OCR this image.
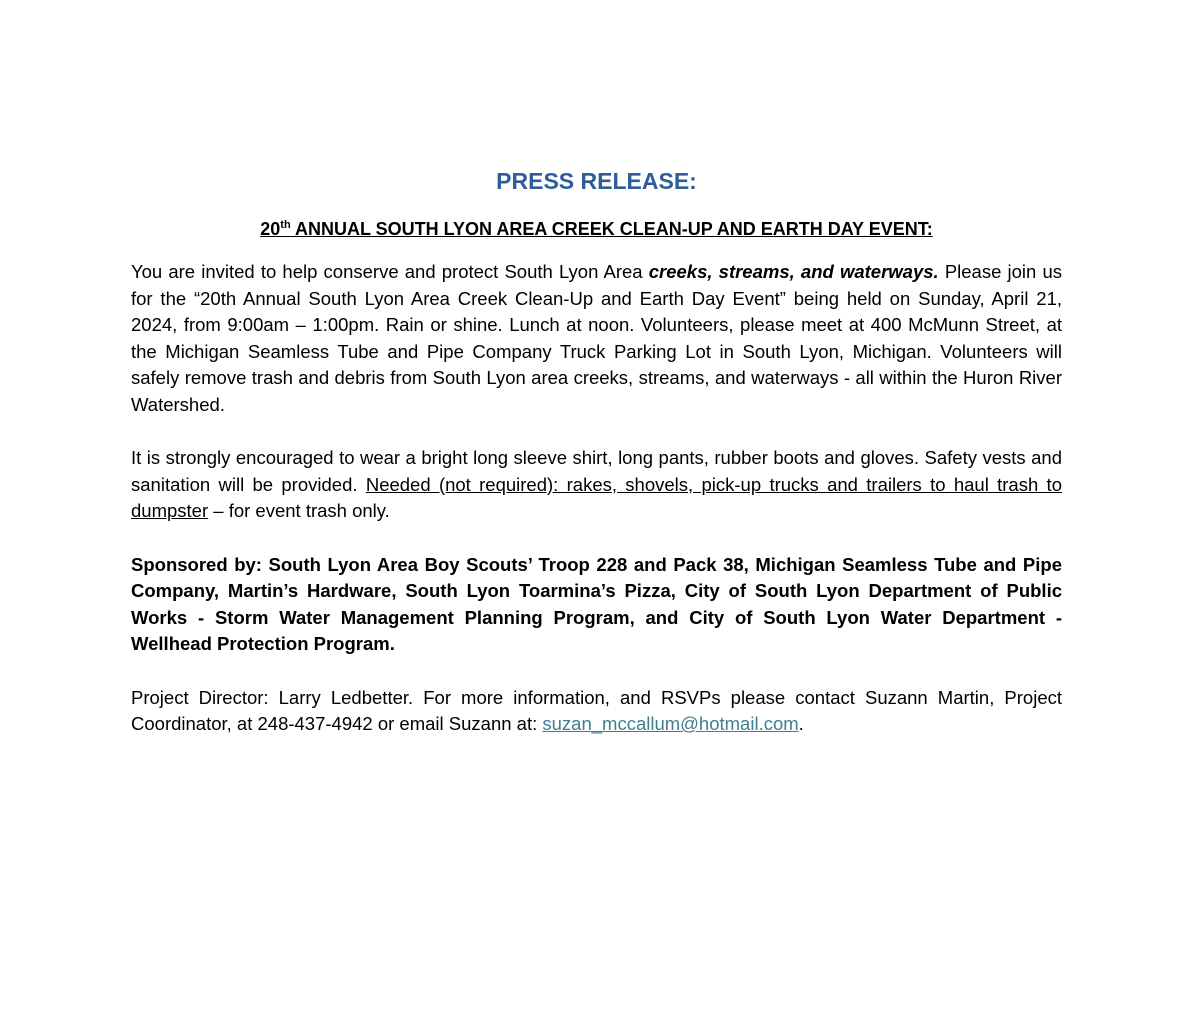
PRESS RELEASE:
20th ANNUAL SOUTH LYON AREA CREEK CLEAN-UP AND EARTH DAY EVENT:

You are invited to help conserve and protect South Lyon Area creeks, streams, and waterways. Please join us for the “20th Annual South Lyon Area Creek Clean-Up and Earth Day Event” being held on Sunday, April 21, 2024, from 9:00am – 1:00pm. Rain or shine. Lunch at noon. Volunteers, please meet at 400 McMunn Street, at the Michigan Seamless Tube and Pipe Company Truck Parking Lot in South Lyon, Michigan. Volunteers will safely remove trash and debris from South Lyon area creeks, streams, and waterways - all within the Huron River Watershed.

It is strongly encouraged to wear a bright long sleeve shirt, long pants, rubber boots and gloves. Safety vests and sanitation will be provided. Needed (not required): rakes, shovels, pick-up trucks and trailers to haul trash to dumpster – for event trash only.

Sponsored by: South Lyon Area Boy Scouts’ Troop 228 and Pack 38, Michigan Seamless Tube and Pipe Company, Martin’s Hardware, South Lyon Toarmina’s Pizza, City of South Lyon Department of Public Works - Storm Water Management Planning Program, and City of South Lyon Water Department - Wellhead Protection Program.

Project Director: Larry Ledbetter. For more information, and RSVPs please contact Suzann Martin, Project Coordinator, at 248-437-4942 or email Suzann at: suzan_mccallum@hotmail.com.
